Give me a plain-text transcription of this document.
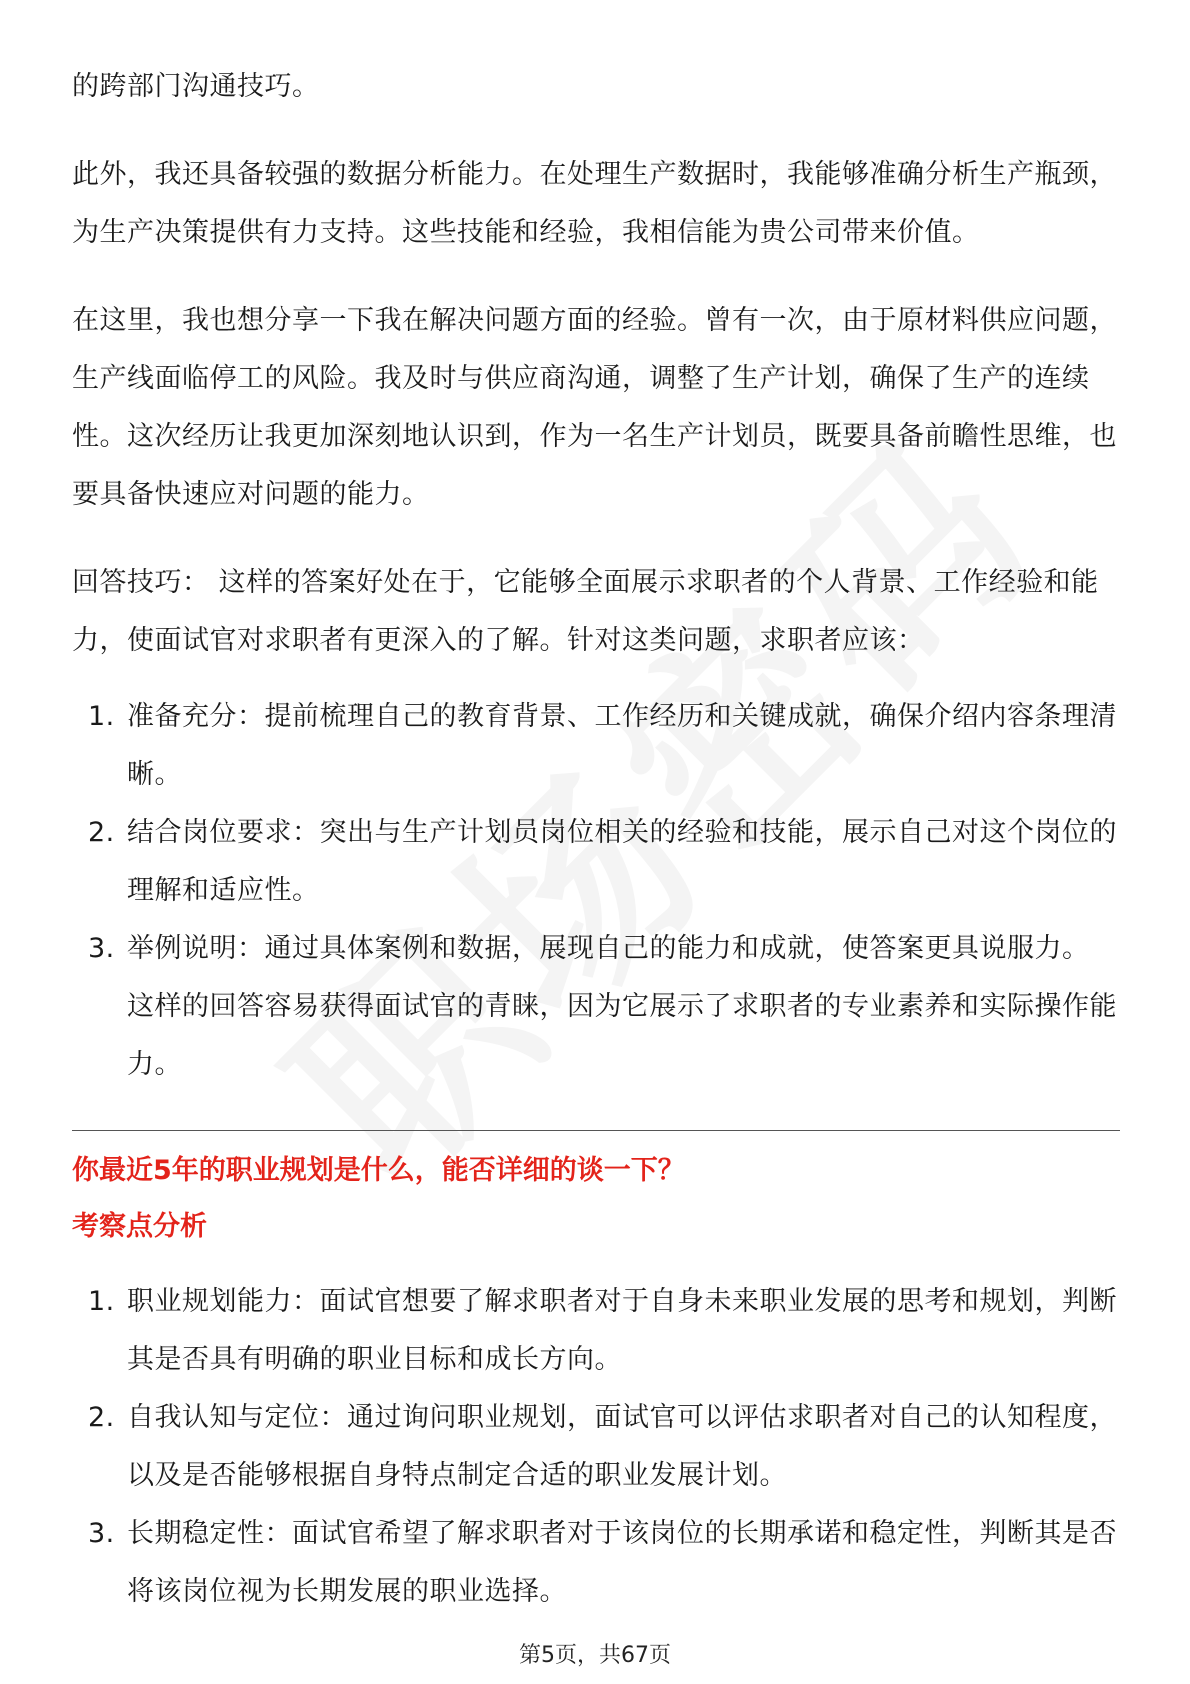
的跨部门沟通技巧。

此外，我还具备较强的数据分析能力。在处理生产数据时，我能够准确分析生产瓶颈，为生产决策提供有力支持。这些技能和经验，我相信能为贵公司带来价值。

在这里，我也想分享一下我在解决问题方面的经验。曾有一次，由于原材料供应问题，生产线面临停工的风险。我及时与供应商沟通，调整了生产计划，确保了生产的连续性。这次经历让我更加深刻地认识到，作为一名生产计划员，既要具备前瞻性思维，也要具备快速应对问题的能力。

回答技巧： 这样的答案好处在于，它能够全面展示求职者的个人背景、工作经验和能力，使面试官对求职者有更深入的了解。针对这类问题，求职者应该：

1. 准备充分：提前梳理自己的教育背景、工作经历和关键成就，确保介绍内容条理清晰。
2. 结合岗位要求：突出与生产计划员岗位相关的经验和技能，展示自己对这个岗位的理解和适应性。
3. 举例说明：通过具体案例和数据，展现自己的能力和成就，使答案更具说服力。 这样的回答容易获得面试官的青睐，因为它展示了求职者的专业素养和实际操作能力。

你最近5年的职业规划是什么，能否详细的谈一下？

考察点分析

1. 职业规划能力：面试官想要了解求职者对于自身未来职业发展的思考和规划，判断其是否具有明确的职业目标和成长方向。
2. 自我认知与定位：通过询问职业规划，面试官可以评估求职者对自己的认知程度，以及是否能够根据自身特点制定合适的职业发展计划。
3. 长期稳定性：面试官希望了解求职者对于该岗位的长期承诺和稳定性，判断其是否将该岗位视为长期发展的职业选择。
第5页，共67页
